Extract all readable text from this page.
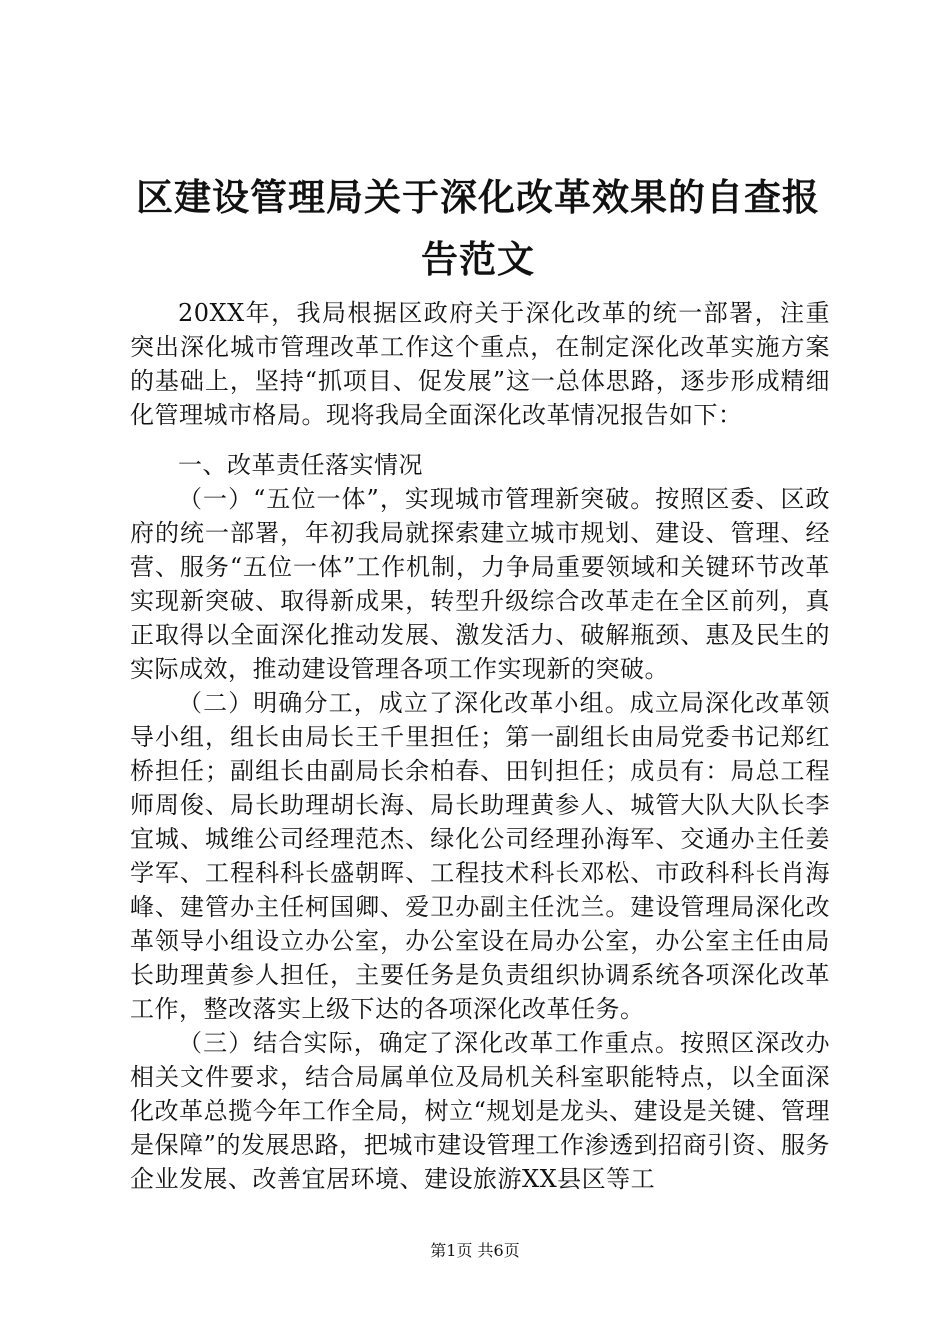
区建设管理局关于深化改革效果的自查报告范文

20XX年，我局根据区政府关于深化改革的统一部署，注重突出深化城市管理改革工作这个重点，在制定深化改革实施方案的基础上，坚持“抓项目、促发展”这一总体思路，逐步形成精细化管理城市格局。现将我局全面深化改革情况报告如下：

一、改革责任落实情况

（一）“五位一体”，实现城市管理新突破。按照区委、区政府的统一部署，年初我局就探索建立城市规划、建设、管理、经营、服务“五位一体”工作机制，力争局重要领域和关键环节改革实现新突破、取得新成果，转型升级综合改革走在全区前列，真正取得以全面深化推动发展、激发活力、破解瓶颈、惠及民生的实际成效，推动建设管理各项工作实现新的突破。

（二）明确分工，成立了深化改革小组。成立局深化改革领导小组，组长由局长王千里担任；第一副组长由局党委书记郑红桥担任；副组长由副局长余柏春、田钊担任；成员有：局总工程师周俊、局长助理胡长海、局长助理黄参人、城管大队大队长李宜城、城维公司经理范杰、绿化公司经理孙海军、交通办主任姜学军、工程科科长盛朝晖、工程技术科长邓松、市政科科长肖海峰、建管办主任柯国卿、爱卫办副主任沈兰。建设管理局深化改革领导小组设立办公室，办公室设在局办公室，办公室主任由局长助理黄参人担任，主要任务是负责组织协调系统各项深化改革工作，整改落实上级下达的各项深化改革任务。

（三）结合实际，确定了深化改革工作重点。按照区深改办相关文件要求，结合局属单位及局机关科室职能特点，以全面深化改革总揽今年工作全局，树立“规划是龙头、建设是关键、管理是保障”的发展思路，把城市建设管理工作渗透到招商引资、服务企业发展、改善宜居环境、建设旅游XX县区等工

第1页 共6页
